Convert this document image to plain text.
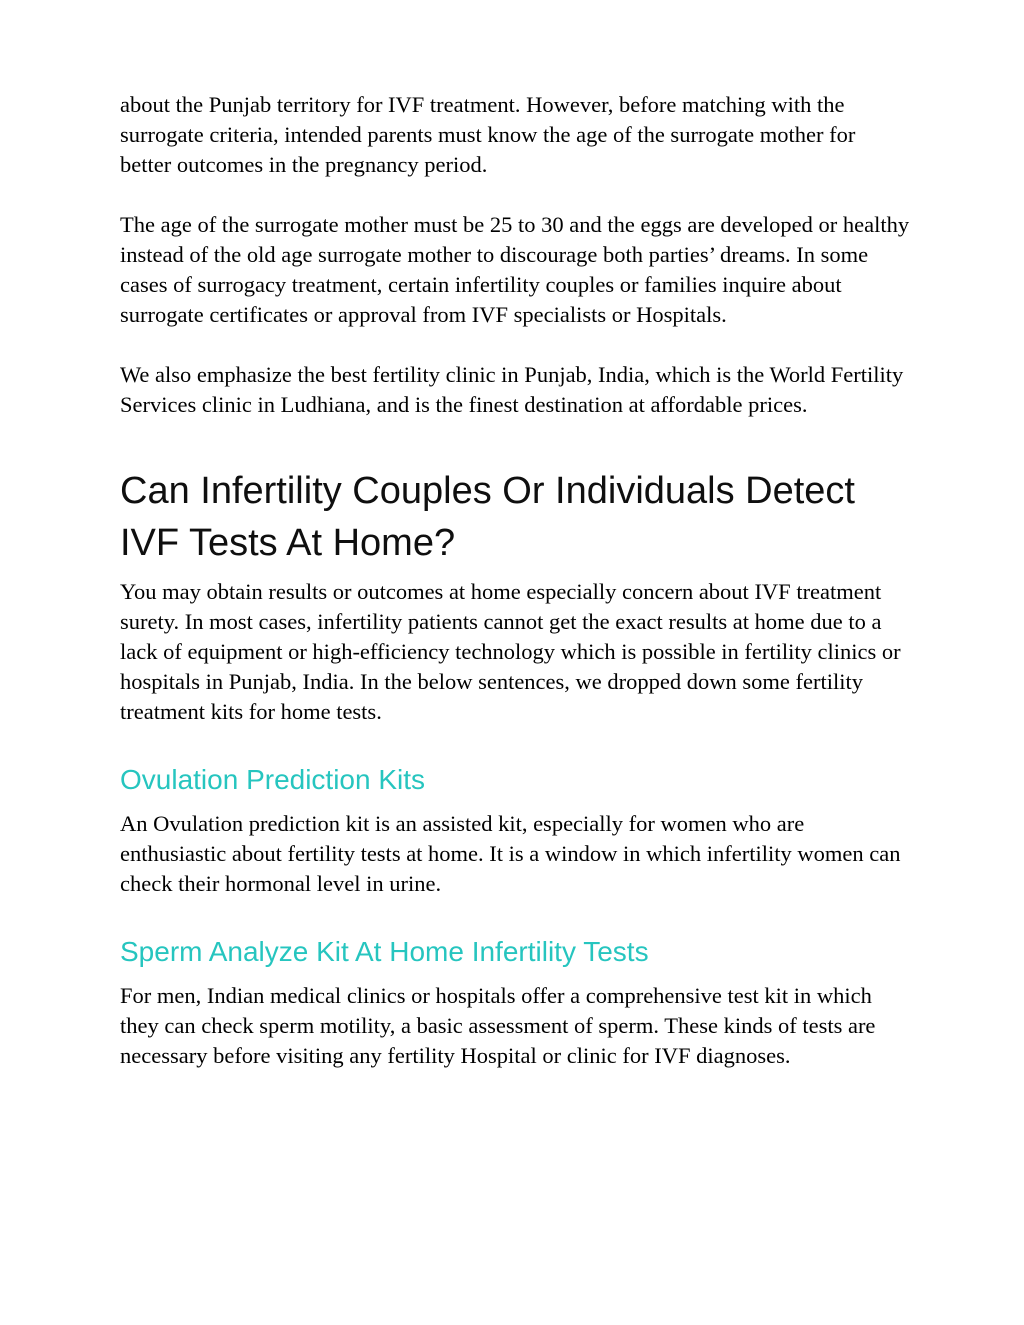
about the Punjab territory for IVF treatment. However, before matching with the surrogate criteria, intended parents must know the age of the surrogate mother for better outcomes in the pregnancy period.

The age of the surrogate mother must be 25 to 30 and the eggs are developed or healthy instead of the old age surrogate mother to discourage both parties’ dreams. In some cases of surrogacy treatment, certain infertility couples or families inquire about surrogate certificates or approval from IVF specialists or Hospitals.

We also emphasize the best fertility clinic in Punjab, India, which is the World Fertility Services clinic in Ludhiana, and is the finest destination at affordable prices.

Can Infertility Couples Or Individuals Detect IVF Tests At Home?

You may obtain results or outcomes at home especially concern about IVF treatment surety. In most cases, infertility patients cannot get the exact results at home due to a lack of equipment or high-efficiency technology which is possible in fertility clinics or hospitals in Punjab, India. In the below sentences, we dropped down some fertility treatment kits for home tests.

Ovulation Prediction Kits

An Ovulation prediction kit is an assisted kit, especially for women who are enthusiastic about fertility tests at home. It is a window in which infertility women can check their hormonal level in urine.

Sperm Analyze Kit At Home Infertility Tests

For men, Indian medical clinics or hospitals offer a comprehensive test kit in which they can check sperm motility, a basic assessment of sperm. These kinds of tests are necessary before visiting any fertility Hospital or clinic for IVF diagnoses.
